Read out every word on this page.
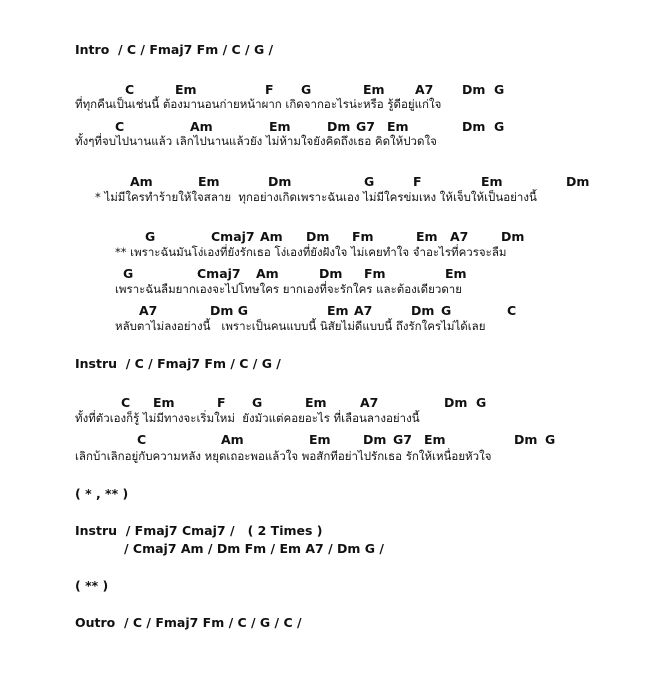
Intro  / C / Fmaj7 Fm / C / G /
C	Em	F G	Em A7 Dm G
ที่ทุกคืนเป็นเช่นนี้ ต้องมานอนก่ายหน้าผาก เกิดจากอะไรน่ะหรือ รู้ดีอยู่แก่ใจ
C	Am	Em	Dm G7 Em	Dm G
ทั้งๆที่จบไปนานแล้ว เลิกไปนานแล้วยัง ไม่ห้ามใจยังคิดถึงเธอ คิดให้ปวดใจ
Am	Em	Dm	G	F	Em	Dm
* ไม่มีใครทำร้ายให้ใจสลาย  ทุกอย่างเกิดเพราะฉันเอง ไม่มีใครข่มเหง ให้เจ็บให้เป็นอย่างนี้
G	Cmaj7 Am Dm Fm	Em A7	Dm
** เพราะฉันมันโง่เองที่ยังรักเธอ โง่เองที่ยังฝังใจ ไม่เคยทำใจ จำอะไรที่ควรจะลืม
G	Cmaj7 Am	Dm Fm	Em
เพราะฉันลืมยากเองจะไปโทษใคร ยากเองที่จะรักใคร และต้องเดียวดาย
A7	Dm G	Em A7	Dm G	C
หลับตาไม่ลงอย่างนี้   เพราะเป็นคนแบบนี้ นิสัยไม่ดีแบบนี้ ถึงรักใครไม่ได้เลย
Instru  / C / Fmaj7 Fm / C / G /
C Em	F G	Em	A7	Dm G
ทั้งที่ตัวเองก็รู้ ไม่มีทางจะเริ่มใหม่  ยังมัวแต่คอยอะไร ที่เลือนลางอย่างนี้
C	Am	Em	Dm G7 Em	Dm G
เลิกบ้าเลิกอยู่กับความหลัง หยุดเถอะพอแล้วใจ พอสักทีอย่าไปรักเธอ รักให้เหนื่อยหัวใจ
( * , ** )
Instru  / Fmaj7 Cmaj7 /   ( 2 Times )
/ Cmaj7 Am / Dm Fm / Em A7 / Dm G /
( ** )
Outro  / C / Fmaj7 Fm / C / G / C /
